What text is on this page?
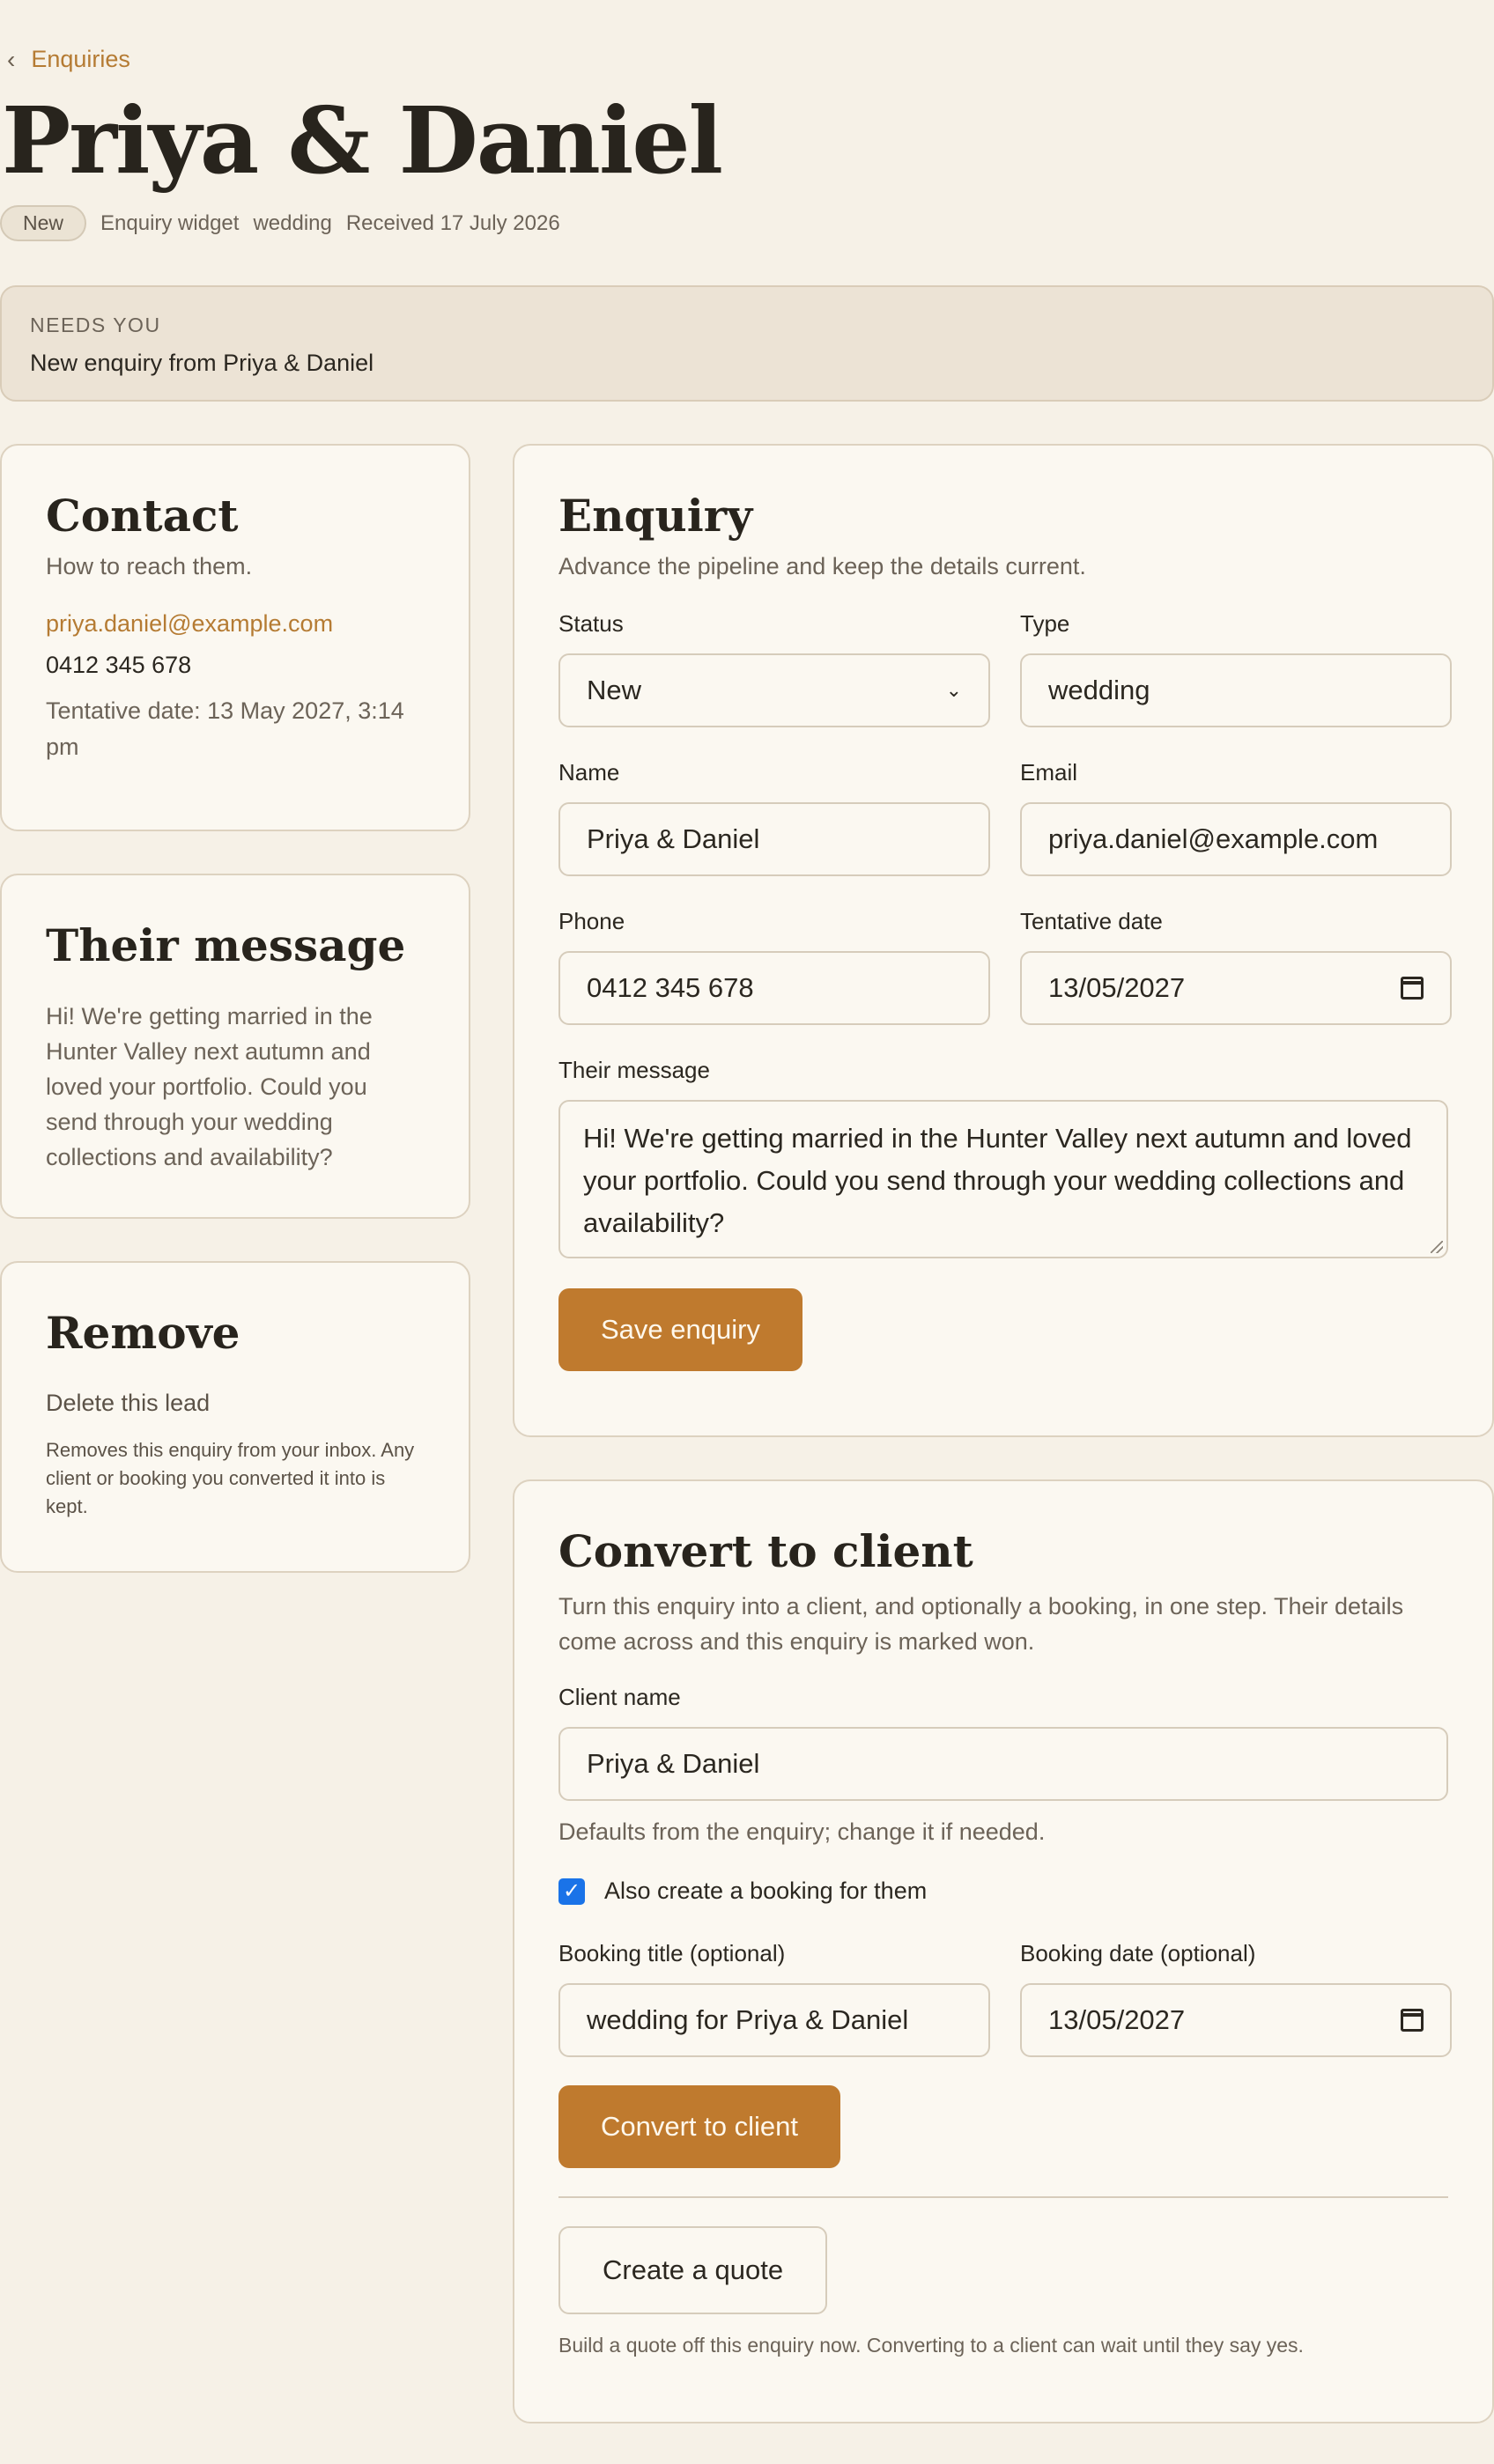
‹ Enquiries
Priya & Daniel
New	Enquiry widget wedding Received 17 July 2026
NEEDS YOU
New enquiry from Priya & Daniel
Contact
How to reach them.
priya.daniel@example.com
0412 345 678
Tentative date: 13 May 2027, 3:14 pm
Their message
Hi! We're getting married in the Hunter Valley next autumn and loved your portfolio. Could you send through your wedding collections and availability?
Remove
Delete this lead
Removes this enquiry from your inbox. Any client or booking you converted it into is kept.
Enquiry
Advance the pipeline and keep the details current.
Status
New	⌄
Type
wedding
Name
Priya & Daniel
Email
priya.daniel@example.com
Phone
0412 345 678
Tentative date
13/05/2027
Their message
Hi! We're getting married in the Hunter Valley next autumn and loved your portfolio. Could you send through your wedding collections and availability?
Save enquiry
Convert to client
Turn this enquiry into a client, and optionally a booking, in one step. Their details come across and this enquiry is marked won.
Client name
Priya & Daniel
Defaults from the enquiry; change it if needed.
✓ Also create a booking for them
Booking title (optional)
wedding for Priya & Daniel
Booking date (optional)
13/05/2027
Convert to client
Create a quote
Build a quote off this enquiry now. Converting to a client can wait until they say yes.
